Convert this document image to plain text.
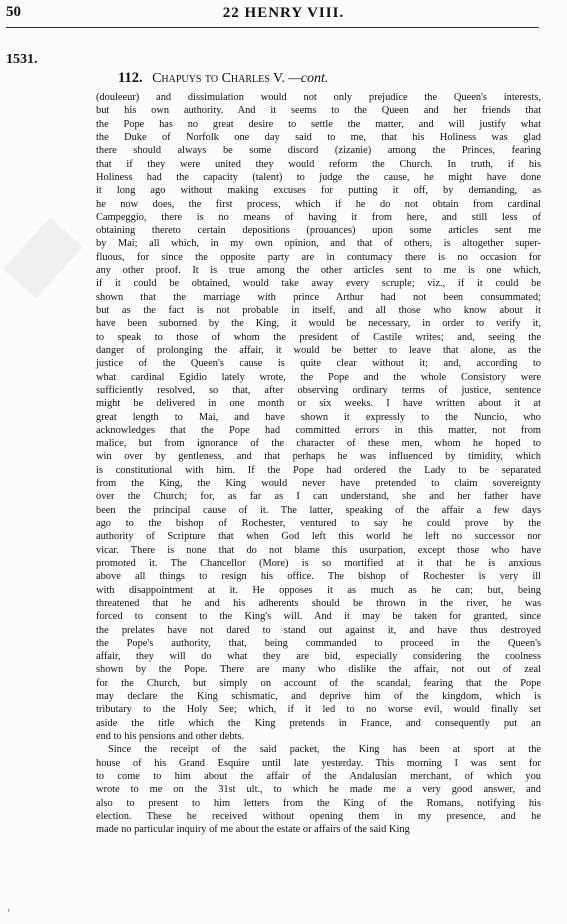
50	22 HENRY VIII.
1531.
112. Chapuys to Charles V. —cont.
(douleeur) and dissimulation would not only prejudice the Queen's interests,
but his own authority. And it seems to the Queen and her friends that
the Pope has no great desire to settle the matter, and will justify what
the Duke of Norfolk one day said to me, that his Holiness was glad
there should always be some discord (zizanie) among the Princes, fearing
that if they were united they would reform the Church. In truth, if his
Holiness had the capacity (talent) to judge the cause, he might have done
it long ago without making excuses for putting it off, by demanding, as
he now does, the first process, which if he do not obtain from cardinal
Campeggio, there is no means of having it from here, and still less of
obtaining thereto certain depositions (prouances) upon some articles sent me
by Mai; all which, in my own opinion, and that of others, is altogether super-
fluous, for since the opposite party are in contumacy there is no occasion for
any other proof. It is true among the other articles sent to me is one which,
if it could be obtained, would take away every scruple; viz., if it could be
shown that the marriage with prince Arthur had not been consummated;
but as the fact is not probable in itself, and all those who know about it
have been suborned by the King, it would be necessary, in order to verify it,
to speak to those of whom the president of Castile writes; and, seeing the
danger of prolonging the affair, it would be better to leave that alone, as the
justice of the Queen's cause is quite clear without it; and, according to
what cardinal Egidio lately wrote, the Pope and the whole Consistory were
sufficiently resolved, so that, after observing ordinary terms of justice, sentence
might be delivered in one month or six weeks. I have written about it at
great length to Mai, and have shown it expressly to the Nuncio, who
acknowledges that the Pope had committed errors in this matter, not from
malice, but from ignorance of the character of these men, whom he hoped to
win over by gentleness, and that perhaps he was influenced by timidity, which
is constitutional with him. If the Pope had ordered the Lady to be separated
from the King, the King would never have pretended to claim sovereignty
over the Church; for, as far as I can understand, she and her father have
been the principal cause of it. The latter, speaking of the affair a few days
ago to the bishop of Rochester, ventured to say he could prove by the
authority of Scripture that when God left this world he left no successor nor
vicar. There is none that do not blame this usurpation, except those who have
promoted it. The Chancellor (More) is so mortified at it that he is anxious
above all things to resign his office. The bishop of Rochester is very ill
with disappointment at it. He opposes it as much as he can; but, being
threatened that he and his adherents should be thrown in the river, he was
forced to consent to the King's will. And it may be taken for granted, since
the prelates have not dared to stand out against it, and have thus destroyed
the Pope's authority, that, being commanded to proceed in the Queen's
affair, they will do what they are bid, especially considering the coolness
shown by the Pope. There are many who dislike the affair, not out of zeal
for the Church, but simply on account of the scandal, fearing that the Pope
may declare the King schismatic, and deprive him of the kingdom, which is
tributary to the Holy See; which, if it led to no worse evil, would finally set
aside the title which the King pretends in France, and consequently put an
end to his pensions and other debts.
Since the receipt of the said packet, the King has been at sport at the
house of his Grand Esquire until late yesterday. This morning I was sent for
to come to him about the affair of the Andalusian merchant, of which you
wrote to me on the 31st ult., to which he made me a very good answer, and
also to present to him letters from the King of the Romans, notifying his
election. These he received without opening them in my presence, and he
made no particular inquiry of me about the estate or affairs of the said King
ʻ
